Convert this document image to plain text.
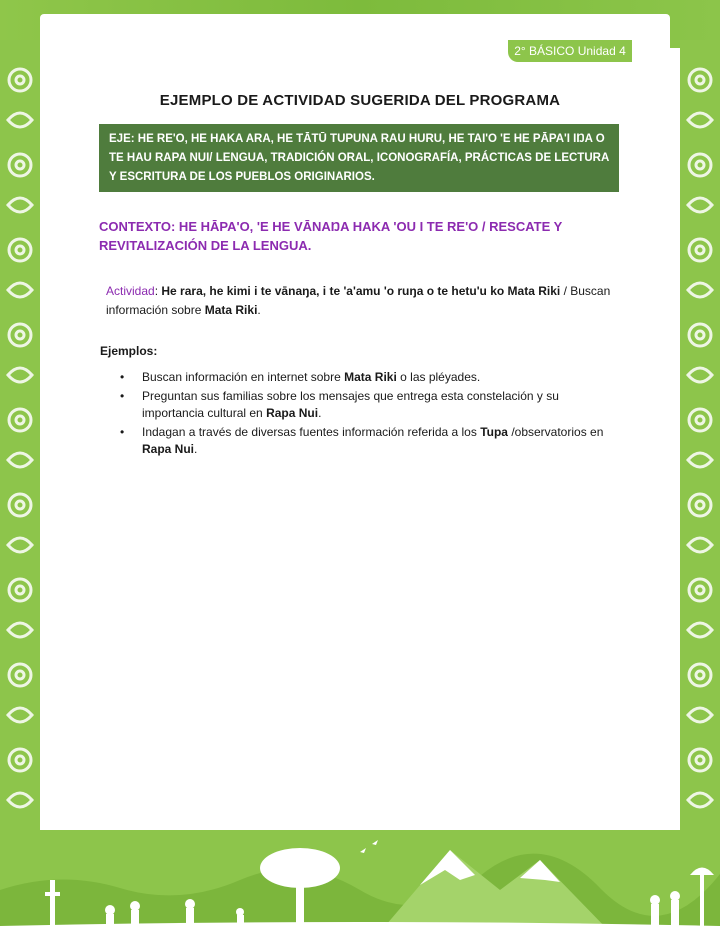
2° BÁSICO Unidad 4
EJEMPLO DE ACTIVIDAD SUGERIDA DEL PROGRAMA
EJE: HE RE'O, HE HAKA ARA, HE TĀTŪ TUPUNA RAU HURU, HE TAI'O 'E HE PĀPA'I IŊA O TE HAU RAPA NUI/ LENGUA, TRADICIÓN ORAL, ICONOGRAFÍA, PRÁCTICAS DE LECTURA Y ESCRITURA DE LOS PUEBLOS ORIGINARIOS.
CONTEXTO: HE HĀPA'O, 'E HE VĀNAŊA HAKA 'OU I TE RE'O / RESCATE Y REVITALIZACIÓN DE LA LENGUA.
Actividad: He rara, he kimi i te vānaŋa, i te 'a'amu 'o ruŋa o te hetu'u ko Mata Riki / Buscan información sobre Mata Riki.
Ejemplos:
• Buscan información en internet sobre Mata Riki o las pléyades.
• Preguntan sus familias sobre los mensajes que entrega esta constelación y su importancia cultural en Rapa Nui.
• Indagan a través de diversas fuentes información referida a los Tupa /observatorios en Rapa Nui.
